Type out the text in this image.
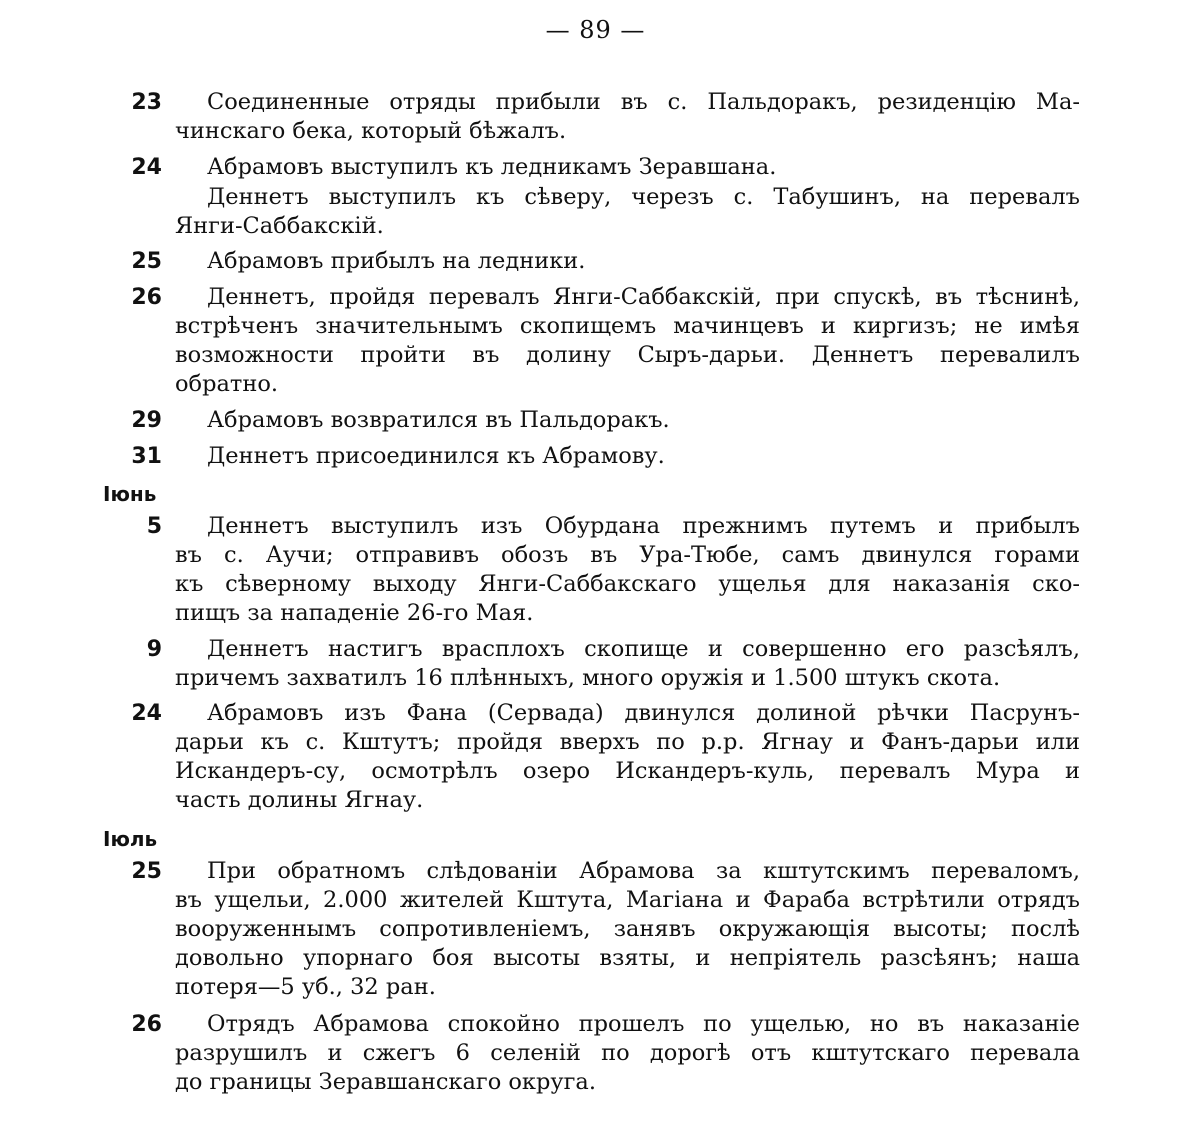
— 89 —
23	Соединенные отряды прибыли въ с. Пальдоракъ, резиденцію Ма-
чинскаго бека, который бѣжалъ.
24	Абрамовъ выступилъ къ ледникамъ Зеравшана.
Деннетъ выступилъ къ сѣверу, черезъ с. Табушинъ, на перевалъ
Янги-Саббакскій.
25	Абрамовъ прибылъ на ледники.
26	Деннетъ, пройдя перевалъ Янги-Саббакскій, при спускѣ, въ тѣснинѣ,
встрѣченъ значительнымъ скопищемъ мачинцевъ и киргизъ; не имѣя
возможности пройти въ долину Сыръ-дарьи. Деннетъ перевалилъ
обратно.
29	Абрамовъ возвратился въ Пальдоракъ.
31	Деннетъ присоединился къ Абрамову.
Іюнь
5	Деннетъ выступилъ изъ Обурдана прежнимъ путемъ и прибылъ
въ с. Аучи; отправивъ обозъ въ Ура-Тюбе, самъ двинулся горами
къ сѣверному выходу Янги-Саббакскаго ущелья для наказанія ско-
пищъ за нападеніе 26-го Мая.
9	Деннетъ настигъ врасплохъ скопище и совершенно его разсѣялъ,
причемъ захватилъ 16 плѣнныхъ, много оружія и 1.500 штукъ скота.
24	Абрамовъ изъ Фана (Сервада) двинулся долиной рѣчки Пасрунъ-
дарьи къ с. Кштутъ; пройдя вверхъ по р.р. Ягнау и Фанъ-дарьи или
Искандеръ-су, осмотрѣлъ озеро Искандеръ-куль, перевалъ Мура и
часть долины Ягнау.
Іюль
25	При обратномъ слѣдованіи Абрамова за кштутскимъ переваломъ,
въ ущельи, 2.000 жителей Кштута, Магіана и Фараба встрѣтили отрядъ
вооруженнымъ сопротивленіемъ, занявъ окружающія высоты; послѣ
довольно упорнаго боя высоты взяты, и непріятель разсѣянъ; наша
потеря—5 уб., 32 ран.
26	Отрядъ Абрамова спокойно прошелъ по ущелью, но въ наказаніе
разрушилъ и сжегъ 6 селеній по дорогѣ отъ кштутскаго перевала
до границы Зеравшанскаго округа.
